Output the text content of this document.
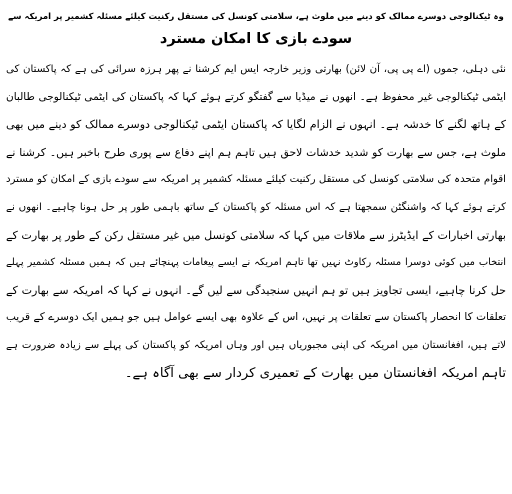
وہ ٹیکنالوجی دوسرے ممالک کو دینے میں ملوث ہے، سلامتی کونسل کی مستقل رکنیت کیلئے مسئلہ کشمیر پر امریکہ سے
سودے بازی کا امکان مسترد
نئی دہلی، جموں (اے پی پی، آن لائن) بھارتی وزیر خارجہ ایس ایم کرشنا نے پھر ہرزہ سرائی کی ہے کہ پاکستان کی
ایٹمی ٹیکنالوجی غیر محفوظ ہے۔ انھوں نے میڈیا سے گفتگو کرتے ہوئے کہا کہ پاکستان کی ایٹمی ٹیکنالوجی طالبان
کے ہاتھ لگنے کا خدشہ ہے۔ انہوں نے الزام لگایا کہ پاکستان ایٹمی ٹیکنالوجی دوسرے ممالک کو دینے میں بھی
ملوث ہے، جس سے بھارت کو شدید خدشات لاحق ہیں تاہم ہم اپنے دفاع سے پوری طرح باخبر ہیں۔ کرشنا نے
اقوام متحدہ کی سلامتی کونسل کی مستقل رکنیت کیلئے مسئلہ کشمیر پر امریکہ سے سودے بازی کے امکان کو مسترد
کرتے ہوئے کہا کہ واشنگٹن سمجھتا ہے کہ اس مسئلہ کو پاکستان کے ساتھ باہمی طور پر حل ہونا چاہیے۔ انھوں نے
بھارتی اخبارات کے ایڈیٹرز سے ملاقات میں کہا کہ سلامتی کونسل میں غیر مستقل رکن کے طور پر بھارت کے
انتخاب میں کوئی دوسرا مسئلہ رکاوٹ نہیں تھا تاہم امریکہ نے ایسے پیغامات پہنچائے ہیں کہ ہمیں مسئلہ کشمیر پہلے
حل کرنا چاہیے، ایسی تجاویز ہیں تو ہم انہیں سنجیدگی سے لیں گے۔ انہوں نے کہا کہ امریکہ سے بھارت کے
تعلقات کا انحصار پاکستان سے تعلقات پر نہیں، اس کے علاوہ بھی ایسے عوامل ہیں جو ہمیں ایک دوسرے کے قریب
لاتے ہیں، افغانستان میں امریکہ کی اپنی مجبوریاں ہیں اور وہاں امریکہ کو پاکستان کی پہلے سے زیادہ ضرورت ہے
تاہم امریکہ افغانستان میں بھارت کے تعمیری کردار سے بھی آگاہ ہے۔
